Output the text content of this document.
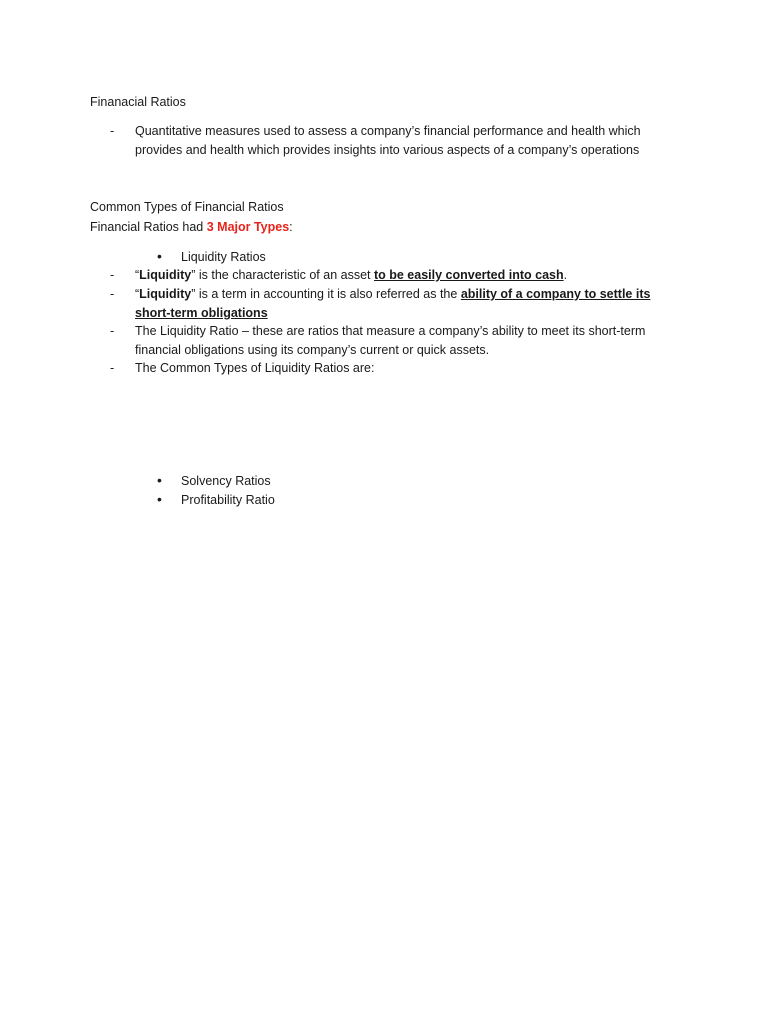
Finanacial Ratios
-	Quantitative measures used to assess a company’s financial performance and health which provides and health which provides insights into various aspects of a company’s operations
Common Types of Financial Ratios
Financial Ratios had 3 Major Types:
• Liquidity Ratios
-	“Liquidity” is the characteristic of an asset to be easily converted into cash.
-	“Liquidity” is a term in accounting it is also referred as the ability of a company to settle its short-term obligations
-	The Liquidity Ratio – these are ratios that measure a company’s ability to meet its short-term financial obligations using its company’s current or quick assets.
-	The Common Types of Liquidity Ratios are:
• Solvency Ratios
• Profitability Ratio
